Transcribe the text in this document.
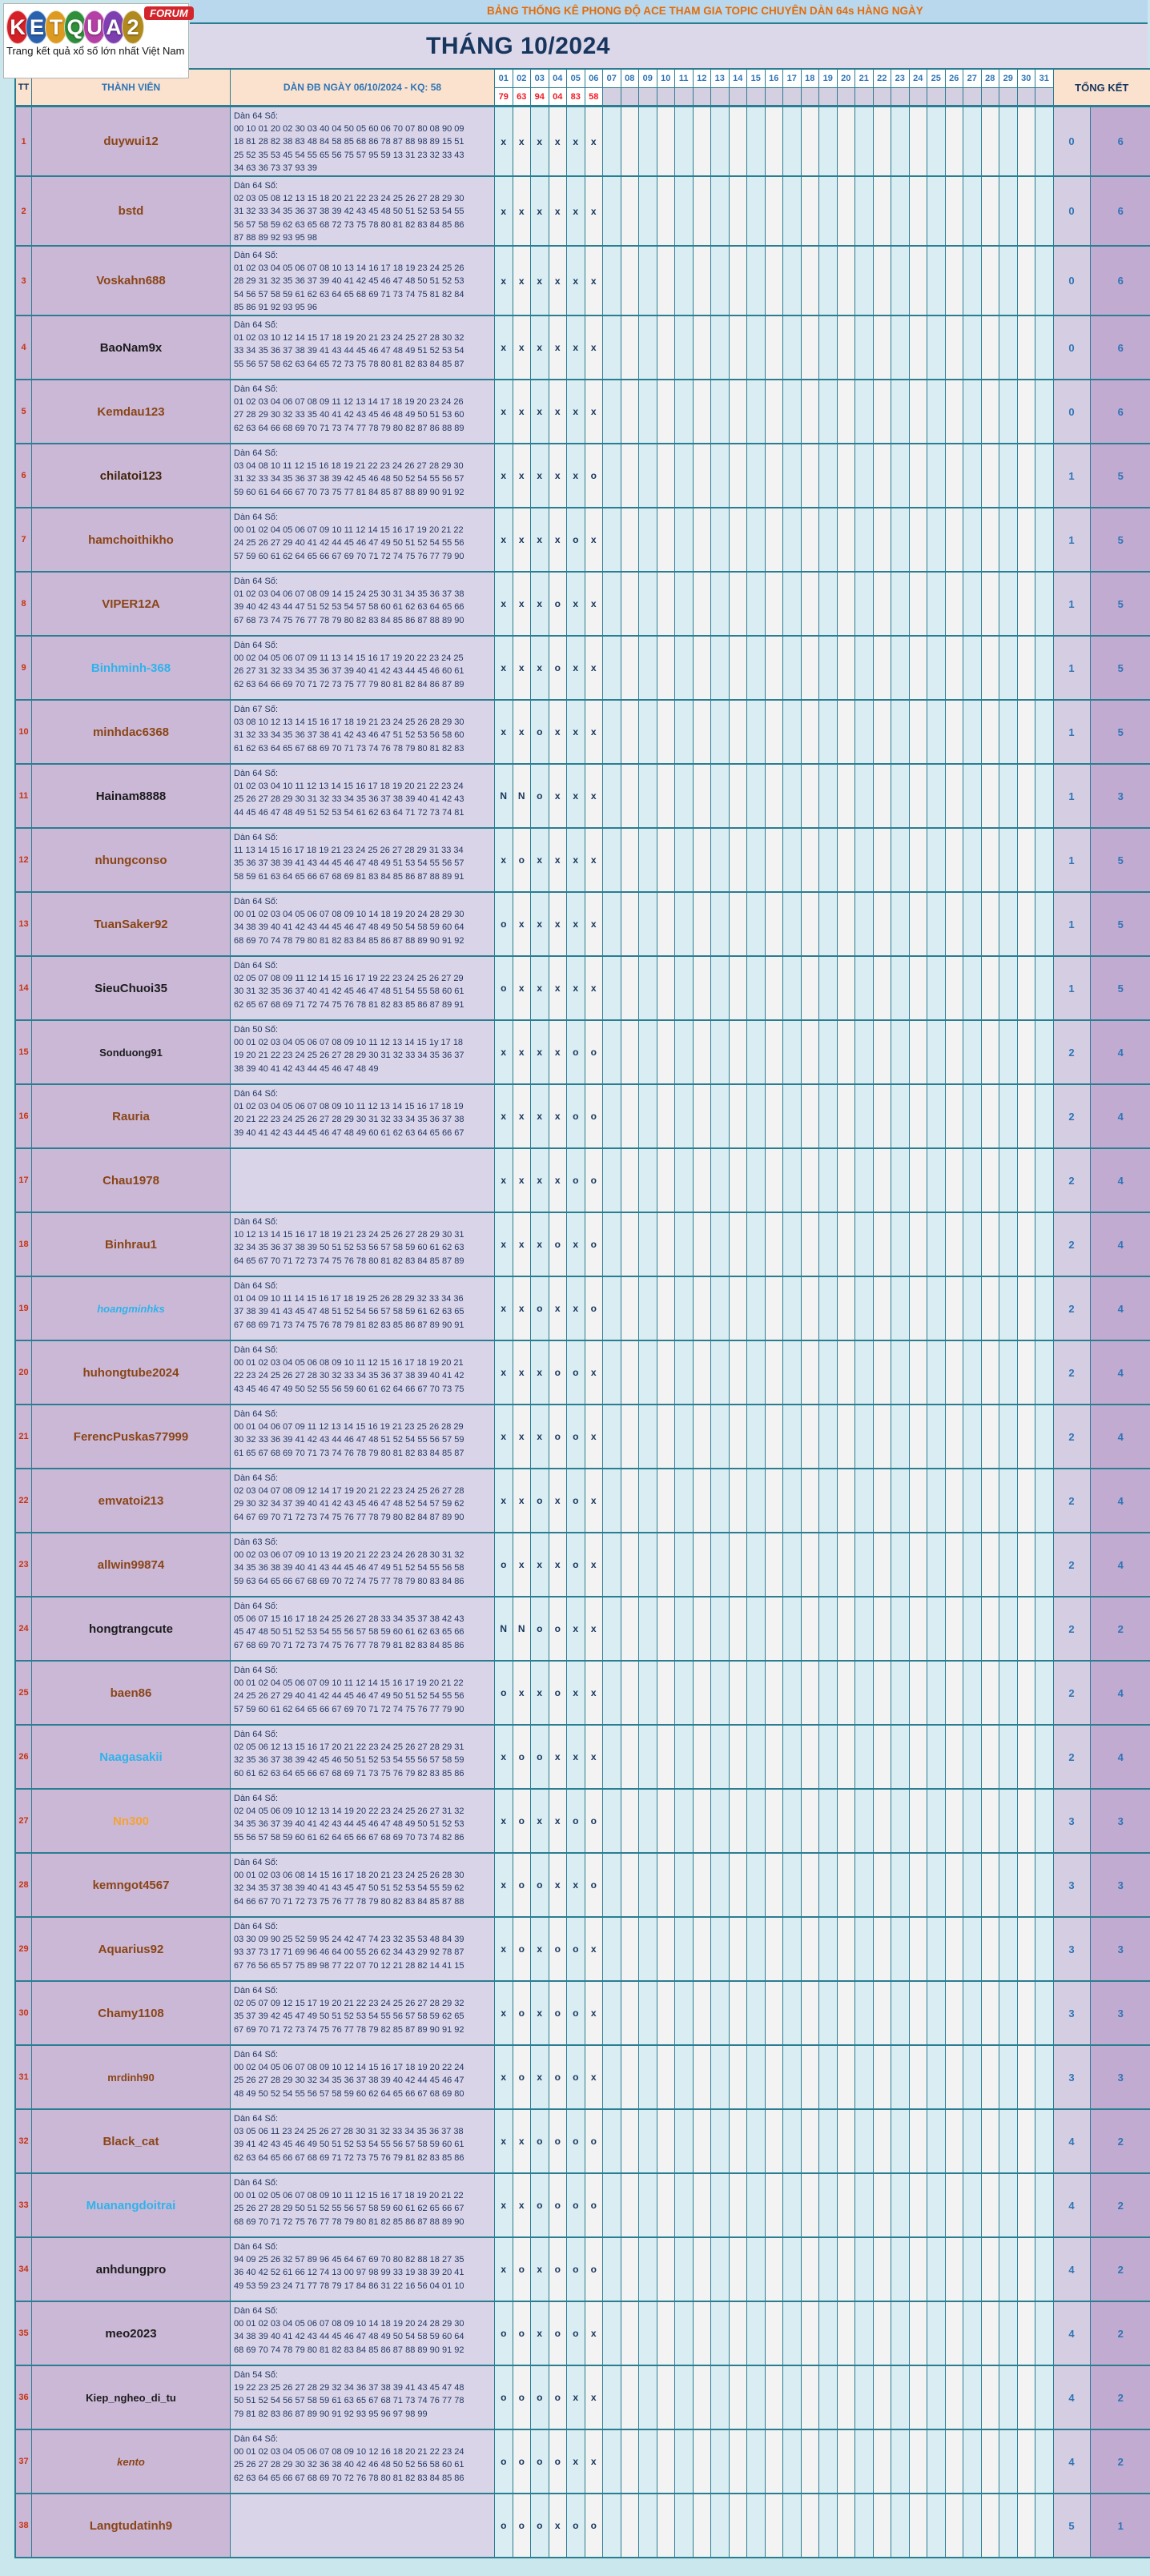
K E T Q U A 2FORUM
Trang kết quả xổ số lớn nhất Việt Nam
BẢNG THỐNG KÊ PHONG ĐỘ ACE THAM GIA TOPIC CHUYÊN DÀN 64s HÀNG NGÀY
THÁNG 10/2024
TT	THÀNH VIÊN	DÀN ĐB NGÀY 06/10/2024 - KQ: 58
01 02 03 04 05 06 07 08 09 10 11 12 13 14 15 16 17 18 19 20 21 22 23 24 25 26 27 28 29 30 31
79 63 94 04 83 58
TỔNG KẾT
1	duywui12
Dàn 64 Số:
00 10 01 20 02 30 03 40 04 50 05 60 06 70 07 80 08 90 09
18 81 28 82 38 83 48 84 58 85 68 86 78 87 88 98 89 15 51
25 52 35 53 45 54 55 65 56 75 57 95 59 13 31 23 32 33 43
34 63 36 73 37 93 39
x	x	x	x	x	x	0	6
2	bstd
Dàn 64 Số:
02 03 05 08 12 13 15 18 20 21 22 23 24 25 26 27 28 29 30
31 32 33 34 35 36 37 38 39 42 43 45 48 50 51 52 53 54 55
56 57 58 59 62 63 65 68 72 73 75 78 80 81 82 83 84 85 86
87 88 89 92 93 95 98
x	x	x	x	x	x	0	6
3	Voskahn688
Dàn 64 Số:
01 02 03 04 05 06 07 08 10 13 14 16 17 18 19 23 24 25 26
28 29 31 32 35 36 37 39 40 41 42 45 46 47 48 50 51 52 53
54 56 57 58 59 61 62 63 64 65 68 69 71 73 74 75 81 82 84
85 86 91 92 93 95 96
x	x	x	x	x	x	0	6
4	BaoNam9x
Dàn 64 Số:
01 02 03 10 12 14 15 17 18 19 20 21 23 24 25 27 28 30 32
33 34 35 36 37 38 39 41 43 44 45 46 47 48 49 51 52 53 54
55 56 57 58 62 63 64 65 72 73 75 78 80 81 82 83 84 85 87
x	x	x	x	x	x	0	6
5	Kemdau123
Dàn 64 Số:
01 02 03 04 06 07 08 09 11 12 13 14 17 18 19 20 23 24 26
27 28 29 30 32 33 35 40 41 42 43 45 46 48 49 50 51 53 60
62 63 64 66 68 69 70 71 73 74 77 78 79 80 82 87 86 88 89
x	x	x	x	x	x	0	6
6	chilatoi123
Dàn 64 Số:
03 04 08 10 11 12 15 16 18 19 21 22 23 24 26 27 28 29 30
31 32 33 34 35 36 37 38 39 42 45 46 48 50 52 54 55 56 57
59 60 61 64 66 67 70 73 75 77 81 84 85 87 88 89 90 91 92
x	x	x	x	x	o	1	5
7	hamchoithikho
Dàn 64 Số:
00 01 02 04 05 06 07 09 10 11 12 14 15 16 17 19 20 21 22
24 25 26 27 29 40 41 42 44 45 46 47 49 50 51 52 54 55 56
57 59 60 61 62 64 65 66 67 69 70 71 72 74 75 76 77 79 90
x	x	x	x	o	x	1	5
8	VIPER12A
Dàn 64 Số:
01 02 03 04 06 07 08 09 14 15 24 25 30 31 34 35 36 37 38
39 40 42 43 44 47 51 52 53 54 57 58 60 61 62 63 64 65 66
67 68 73 74 75 76 77 78 79 80 82 83 84 85 86 87 88 89 90
x	x	x	o	x	x	1	5
9	Binhminh-368
Dàn 64 Số:
00 02 04 05 06 07 09 11 13 14 15 16 17 19 20 22 23 24 25
26 27 31 32 33 34 35 36 37 39 40 41 42 43 44 45 46 60 61
62 63 64 66 69 70 71 72 73 75 77 79 80 81 82 84 86 87 89
x	x	x	o	x	x	1	5
10	minhdac6368
Dàn 67 Số:
03 08 10 12 13 14 15 16 17 18 19 21 23 24 25 26 28 29 30
31 32 33 34 35 36 37 38 41 42 43 46 47 51 52 53 56 58 60
61 62 63 64 65 67 68 69 70 71 73 74 76 78 79 80 81 82 83
x	x	o	x	x	x	1	5
11	Hainam8888
Dàn 64 Số:
01 02 03 04 10 11 12 13 14 15 16 17 18 19 20 21 22 23 24
25 26 27 28 29 30 31 32 33 34 35 36 37 38 39 40 41 42 43
44 45 46 47 48 49 51 52 53 54 61 62 63 64 71 72 73 74 81
N	N	o	x	x	x	1	3
12	nhungconso
Dàn 64 Số:
11 13 14 15 16 17 18 19 21 23 24 25 26 27 28 29 31 33 34
35 36 37 38 39 41 43 44 45 46 47 48 49 51 53 54 55 56 57
58 59 61 63 64 65 66 67 68 69 81 83 84 85 86 87 88 89 91
x	o	x	x	x	x	1	5
13	TuanSaker92
Dàn 64 Số:
00 01 02 03 04 05 06 07 08 09 10 14 18 19 20 24 28 29 30
34 38 39 40 41 42 43 44 45 46 47 48 49 50 54 58 59 60 64
68 69 70 74 78 79 80 81 82 83 84 85 86 87 88 89 90 91 92
o	x	x	x	x	x	1	5
14	SieuChuoi35
Dàn 64 Số:
02 05 07 08 09 11 12 14 15 16 17 19 22 23 24 25 26 27 29
30 31 32 35 36 37 40 41 42 45 46 47 48 51 54 55 58 60 61
62 65 67 68 69 71 72 74 75 76 78 81 82 83 85 86 87 89 91
o	x	x	x	x	x	1	5
15	Sonduong91
Dàn 50 Số:
00 01 02 03 04 05 06 07 08 09 10 11 12 13 14 15 1y 17 18
19 20 21 22 23 24 25 26 27 28 29 30 31 32 33 34 35 36 37
38 39 40 41 42 43 44 45 46 47 48 49
x	x	x	x	o	o	2	4
16	Rauria
Dàn 64 Số:
01 02 03 04 05 06 07 08 09 10 11 12 13 14 15 16 17 18 19
20 21 22 23 24 25 26 27 28 29 30 31 32 33 34 35 36 37 38
39 40 41 42 43 44 45 46 47 48 49 60 61 62 63 64 65 66 67
x	x	x	x	o	o	2	4
17	Chau1978	x	x	x	x	o	o	2	4
18	Binhrau1
Dàn 64 Số:
10 12 13 14 15 16 17 18 19 21 23 24 25 26 27 28 29 30 31
32 34 35 36 37 38 39 50 51 52 53 56 57 58 59 60 61 62 63
64 65 67 70 71 72 73 74 75 76 78 80 81 82 83 84 85 87 89
x	x	x	o	x	o	2	4
19	hoangminhks
Dàn 64 Số:
01 04 09 10 11 14 15 16 17 18 19 25 26 28 29 32 33 34 36
37 38 39 41 43 45 47 48 51 52 54 56 57 58 59 61 62 63 65
67 68 69 71 73 74 75 76 78 79 81 82 83 85 86 87 89 90 91
x	x	o	x	x	o	2	4
20	huhongtube2024
Dàn 64 Số:
00 01 02 03 04 05 06 08 09 10 11 12 15 16 17 18 19 20 21
22 23 24 25 26 27 28 30 32 33 34 35 36 37 38 39 40 41 42
43 45 46 47 49 50 52 55 56 59 60 61 62 64 66 67 70 73 75
x	x	x	o	o	x	2	4
21	FerencPuskas77999
Dàn 64 Số:
00 01 04 06 07 09 11 12 13 14 15 16 19 21 23 25 26 28 29
30 32 33 36 39 41 42 43 44 46 47 48 51 52 54 55 56 57 59
61 65 67 68 69 70 71 73 74 76 78 79 80 81 82 83 84 85 87
x	x	x	o	o	x	2	4
22	emvatoi213
Dàn 64 Số:
02 03 04 07 08 09 12 14 17 19 20 21 22 23 24 25 26 27 28
29 30 32 34 37 39 40 41 42 43 45 46 47 48 52 54 57 59 62
64 67 69 70 71 72 73 74 75 76 77 78 79 80 82 84 87 89 90
x	x	o	x	o	x	2	4
23	allwin99874
Dàn 63 Số:
00 02 03 06 07 09 10 13 19 20 21 22 23 24 26 28 30 31 32
34 35 36 38 39 40 41 43 44 45 46 47 49 51 52 54 55 56 58
59 63 64 65 66 67 68 69 70 72 74 75 77 78 79 80 83 84 86
o	x	x	x	o	x	2	4
24	hongtrangcute
Dàn 64 Số:
05 06 07 15 16 17 18 24 25 26 27 28 33 34 35 37 38 42 43
45 47 48 50 51 52 53 54 55 56 57 58 59 60 61 62 63 65 66
67 68 69 70 71 72 73 74 75 76 77 78 79 81 82 83 84 85 86
N	N	o	o	x	x	2	2
25	baen86
Dàn 64 Số:
00 01 02 04 05 06 07 09 10 11 12 14 15 16 17 19 20 21 22
24 25 26 27 29 40 41 42 44 45 46 47 49 50 51 52 54 55 56
57 59 60 61 62 64 65 66 67 69 70 71 72 74 75 76 77 79 90
o	x	x	o	x	x	2	4
26	Naagasakii
Dàn 64 Số:
02 05 06 12 13 15 16 17 20 21 22 23 24 25 26 27 28 29 31
32 35 36 37 38 39 42 45 46 50 51 52 53 54 55 56 57 58 59
60 61 62 63 64 65 66 67 68 69 71 73 75 76 79 82 83 85 86
x	o	o	x	x	x	2	4
27	Nn300
Dàn 64 Số:
02 04 05 06 09 10 12 13 14 19 20 22 23 24 25 26 27 31 32
34 35 36 37 39 40 41 42 43 44 45 46 47 48 49 50 51 52 53
55 56 57 58 59 60 61 62 64 65 66 67 68 69 70 73 74 82 86
x	o	x	x	o	o	3	3
28	kemngot4567
Dàn 64 Số:
00 01 02 03 06 08 14 15 16 17 18 20 21 23 24 25 26 28 30
32 34 35 37 38 39 40 41 43 45 47 50 51 52 53 54 55 59 62
64 66 67 70 71 72 73 75 76 77 78 79 80 82 83 84 85 87 88
x	o	o	x	x	o	3	3
29	Aquarius92
Dàn 64 Số:
03 30 09 90 25 52 59 95 24 42 47 74 23 32 35 53 48 84 39
93 37 73 17 71 69 96 46 64 00 55 26 62 34 43 29 92 78 87
67 76 56 65 57 75 89 98 77 22 07 70 12 21 28 82 14 41 15
x	o	x	o	o	x	3	3
30	Chamy1108
Dàn 64 Số:
02 05 07 09 12 15 17 19 20 21 22 23 24 25 26 27 28 29 32
35 37 39 42 45 47 49 50 51 52 53 54 55 56 57 58 59 62 65
67 69 70 71 72 73 74 75 76 77 78 79 82 85 87 89 90 91 92
x	o	x	o	o	x	3	3
31	mrdinh90
Dàn 64 Số:
00 02 04 05 06 07 08 09 10 12 14 15 16 17 18 19 20 22 24
25 26 27 28 29 30 32 34 35 36 37 38 39 40 42 44 45 46 47
48 49 50 52 54 55 56 57 58 59 60 62 64 65 66 67 68 69 80
x	o	x	o	o	x	3	3
32	Black_cat
Dàn 64 Số:
03 05 06 11 23 24 25 26 27 28 30 31 32 33 34 35 36 37 38
39 41 42 43 45 46 49 50 51 52 53 54 55 56 57 58 59 60 61
62 63 64 65 66 67 68 69 71 72 73 75 76 79 81 82 83 85 86
x	x	o	o	o	o	4	2
33	Muanangdoitrai
Dàn 64 Số:
00 01 02 05 06 07 08 09 10 11 12 15 16 17 18 19 20 21 22
25 26 27 28 29 50 51 52 55 56 57 58 59 60 61 62 65 66 67
68 69 70 71 72 75 76 77 78 79 80 81 82 85 86 87 88 89 90
x	x	o	o	o	o	4	2
34	anhdungpro
Dàn 64 Số:
94 09 25 26 32 57 89 96 45 64 67 69 70 80 82 88 18 27 35
36 40 42 52 61 66 12 74 13 00 97 98 99 33 19 38 39 20 41
49 53 59 23 24 71 77 78 79 17 84 86 31 22 16 56 04 01 10
x	o	x	o	o	o	4	2
35	meo2023
Dàn 64 Số:
00 01 02 03 04 05 06 07 08 09 10 14 18 19 20 24 28 29 30
34 38 39 40 41 42 43 44 45 46 47 48 49 50 54 58 59 60 64
68 69 70 74 78 79 80 81 82 83 84 85 86 87 88 89 90 91 92
o	o	x	o	o	x	4	2
36	Kiep_ngheo_di_tu
Dàn 54 Số:
19 22 23 25 26 27 28 29 32 34 36 37 38 39 41 43 45 47 48
50 51 52 54 56 57 58 59 61 63 65 67 68 71 73 74 76 77 78
79 81 82 83 86 87 89 90 91 92 93 95 96 97 98 99
o	o	o	o	x	x	4	2
37	kento
Dàn 64 Số:
00 01 02 03 04 05 06 07 08 09 10 12 16 18 20 21 22 23 24
25 26 27 28 29 30 32 36 38 40 42 46 48 50 52 56 58 60 61
62 63 64 65 66 67 68 69 70 72 76 78 80 81 82 83 84 85 86
o	o	o	o	x	x	4	2
38	Langtudatinh9	o	o	o	x	o	o	5	1
